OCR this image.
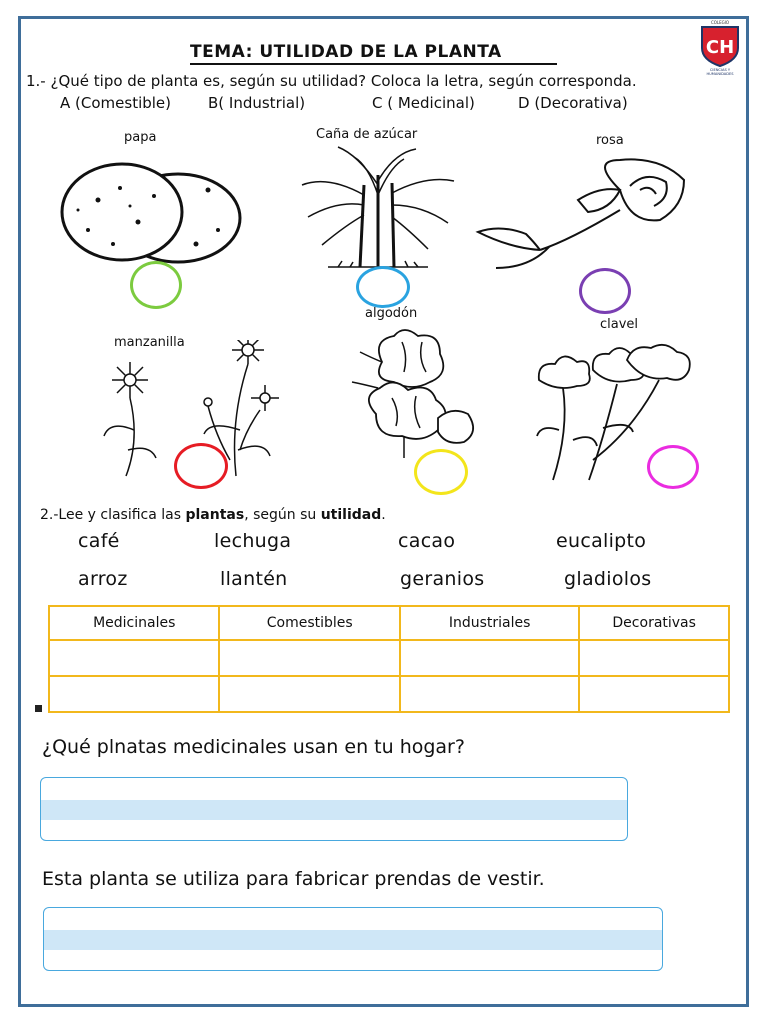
COLEGIO
CH
CIENCIAS Y
HUMANIDADES
TEMA: UTILIDAD DE LA PLANTA
1.- ¿Qué tipo de planta es, según su utilidad? Coloca la letra, según corresponda.
A (Comestible) B( Industrial)	C ( Medicinal)	D (Decorativa)
papa	Caña de azúcar	rosa
manzanilla
algodón
clavel
2.-Lee y clasifica las plantas, según su utilidad.
café	lechuga	cacao	eucalipto
arroz	llantén	geranios	gladiolos
Medicinales	Comestibles	Industriales	Decorativas

¿Qué plnatas medicinales usan en tu hogar?
Esta planta se utiliza para fabricar prendas de vestir.
